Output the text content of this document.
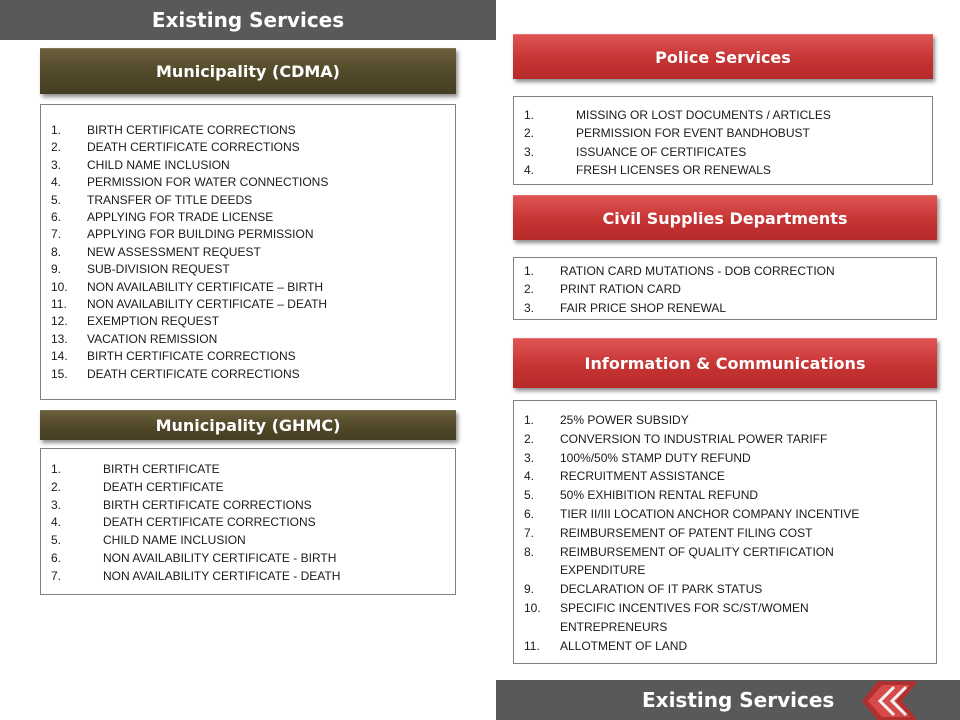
Existing Services
Municipality (CDMA)
1.	BIRTH CERTIFICATE CORRECTIONS
2.	DEATH CERTIFICATE CORRECTIONS
3.	CHILD NAME INCLUSION
4.	PERMISSION FOR WATER CONNECTIONS
5.	TRANSFER OF TITLE DEEDS
6.	APPLYING FOR TRADE LICENSE
7.	APPLYING FOR BUILDING PERMISSION
8.	NEW ASSESSMENT REQUEST
9.	SUB-DIVISION REQUEST
10.	NON AVAILABILITY CERTIFICATE – BIRTH
11.	NON AVAILABILITY CERTIFICATE – DEATH
12.	EXEMPTION REQUEST
13.	VACATION REMISSION
14.	BIRTH CERTIFICATE CORRECTIONS
15.	DEATH CERTIFICATE CORRECTIONS
Municipality (GHMC)
1.	BIRTH CERTIFICATE
2.	DEATH CERTIFICATE
3.	BIRTH CERTIFICATE CORRECTIONS
4.	DEATH CERTIFICATE CORRECTIONS
5.	CHILD NAME INCLUSION
6.	NON AVAILABILITY CERTIFICATE - BIRTH
7.	NON AVAILABILITY CERTIFICATE - DEATH
Police Services
1.	MISSING OR LOST DOCUMENTS / ARTICLES
2.	PERMISSION FOR EVENT BANDHOBUST
3.	ISSUANCE OF CERTIFICATES
4.	FRESH LICENSES OR RENEWALS
Civil Supplies Departments
1.	RATION CARD MUTATIONS - DOB CORRECTION
2.	PRINT RATION CARD
3.	FAIR PRICE SHOP RENEWAL
Information & Communications
1.	25% POWER SUBSIDY
2.	CONVERSION TO INDUSTRIAL POWER TARIFF
3.	100%/50% STAMP DUTY REFUND
4.	RECRUITMENT ASSISTANCE
5.	50% EXHIBITION RENTAL REFUND
6.	TIER II/III LOCATION ANCHOR COMPANY INCENTIVE
7.	REIMBURSEMENT OF PATENT FILING COST
8.	REIMBURSEMENT OF QUALITY CERTIFICATION EXPENDITURE
9.	DECLARATION OF IT PARK STATUS
10.	SPECIFIC INCENTIVES FOR SC/ST/WOMEN ENTREPRENEURS
11.	ALLOTMENT OF LAND
Existing Services
